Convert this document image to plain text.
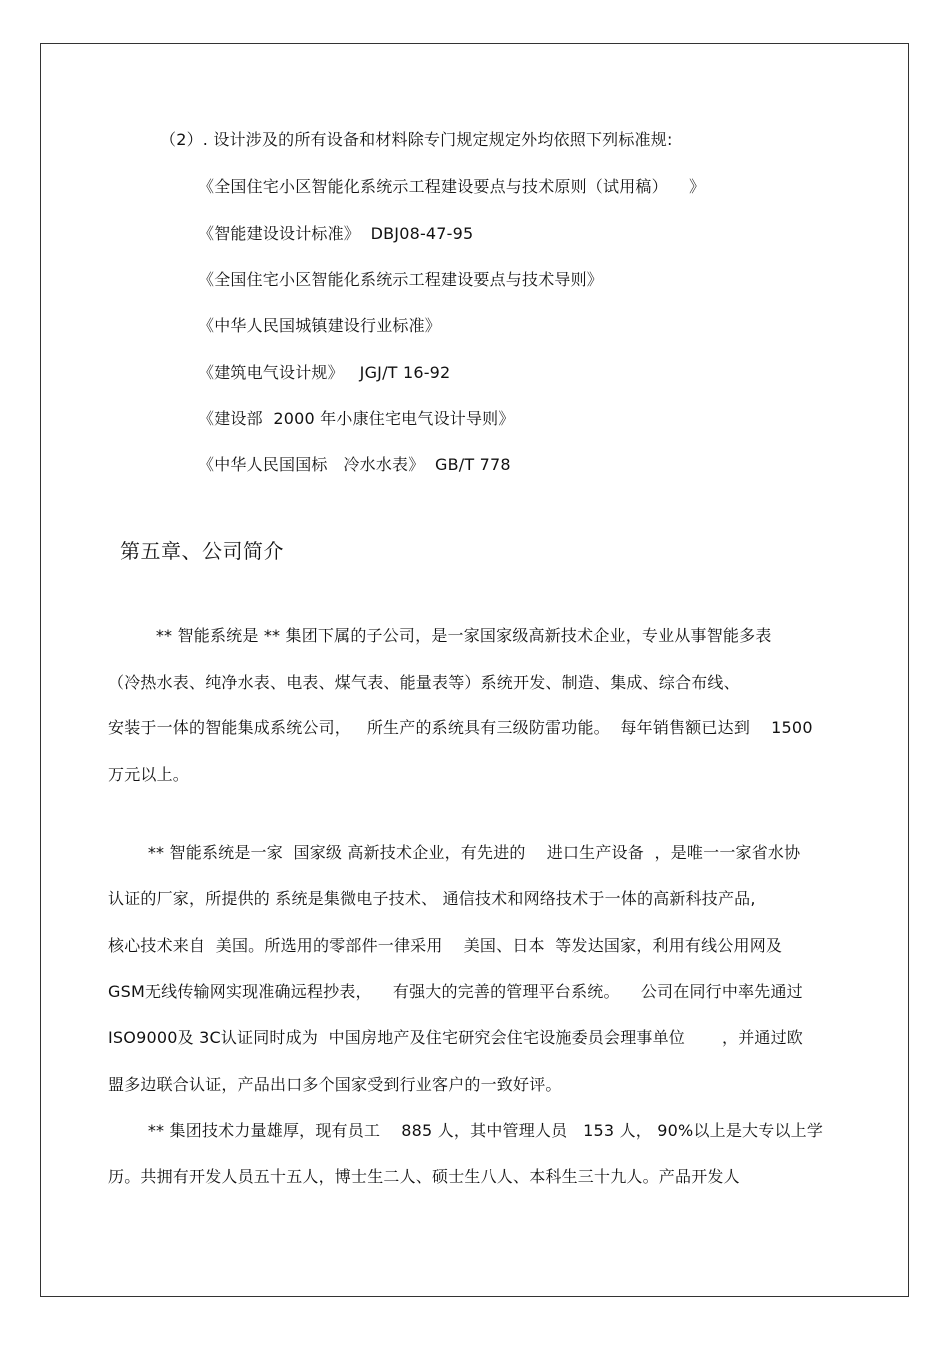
（2）. 设计涉及的所有设备和材料除专门规定规定外均依照下列标准规:
《全国住宅小区智能化系统示工程建设要点与技术原则（试用稿）    》
《智能建设设计标准》  DBJ08-47-95
《全国住宅小区智能化系统示工程建设要点与技术导则》
《中华人民国城镇建设行业标准》
《建筑电气设计规》   JGJ/T 16-92
《建设部  2000 年小康住宅电气设计导则》
《中华人民国国标   冷水水表》  GB/T 778
第五章、公司简介
** 智能系统是 ** 集团下属的子公司，是一家国家级高新技术企业，专业从事智能多表
（冷热水表、纯净水表、电表、煤气表、能量表等）系统开发、制造、集成、综合布线、
安装于一体的智能集成系统公司，   所生产的系统具有三级防雷功能。  每年销售额已达到    1500
万元以上。
** 智能系统是一家  国家级 高新技术企业，有先进的    进口生产设备  ，是唯一一家省水协
认证的厂家，所提供的 系统是集微电子技术、 通信技术和网络技术于一体的高新科技产品,
核心技术来自  美国。所选用的零部件一律采用    美国、日本  等发达国家，利用有线公用网及
GSM无线传输网实现准确远程抄表，    有强大的完善的管理平台系统。    公司在同行中率先通过
ISO9000及 3C认证同时成为  中国房地产及住宅研究会住宅设施委员会理事单位       ，并通过欧
盟多边联合认证，产品出口多个国家受到行业客户的一致好评。
** 集团技术力量雄厚，现有员工    885 人，其中管理人员   153 人， 90%以上是大专以上学
历。共拥有开发人员五十五人，博士生二人、硕士生八人、本科生三十九人。产品开发人
